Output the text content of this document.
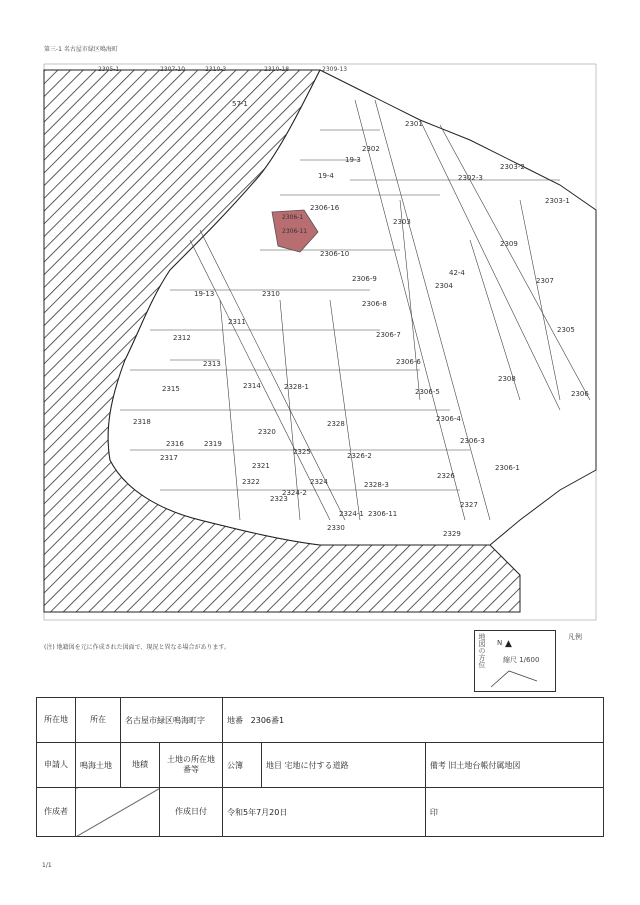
第三-1 名古屋市緑区鳴海町
2305-1	2307-10	2310-3	2310-18	2309-13
2306-1
2306-11
2301
2302
2303
2304
2305
2306
2307
2308
2309
2310
2311
2312
2313
2314
2315
2316
2317
2318
2319
2320
2321
2322
2323
2324
2325
2326
2327
2328
2329
2330
2306-16
2306-10
2306-8
2306-9
2306-7
2306-6
2306-5
2306-4
2306-3
2306-11
2306-1
2302-3
2303-2
2303-1
2328-1
2326-2
2324-2
2324-1
2328-3
42-4
19-3
19-4
19-13
57-1
(注) 地籍図を元に作成された図面で、現況と異なる場合があります。	地図の方位 ▲
N
縮尺 1/600
凡例
所在地	所在	名古屋市緑区鳴海町字		地番 2306番1		
申請人	鳴海土地	地積	土地の所在地番等	公簿	地目 宅地に付する道路	備考 旧土地台帳付属地図
作成者			作成日付	令和5年7月20日		印
1/1
